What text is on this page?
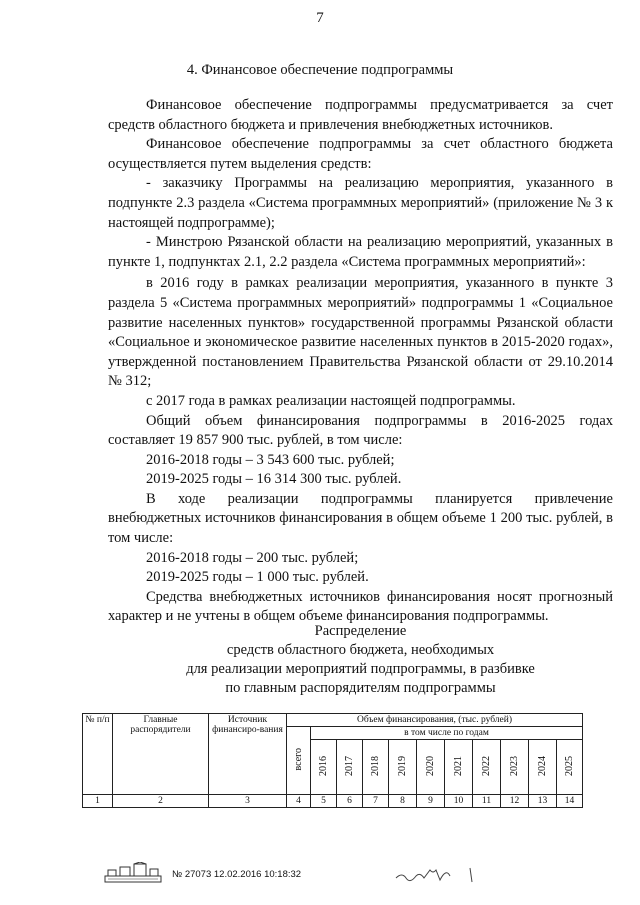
7
4. Финансовое обеспечение подпрограммы

Финансовое обеспечение подпрограммы предусматривается за счет средств областного бюджета и привлечения внебюджетных источников.

Финансовое обеспечение подпрограммы за счет областного бюджета осуществляется путем выделения средств:

- заказчику Программы на реализацию мероприятия, указанного в подпункте 2.3 раздела «Система программных мероприятий» (приложение № 3 к настоящей подпрограмме);

- Минстрою Рязанской области на реализацию мероприятий, указанных в пункте 1, подпунктах 2.1, 2.2 раздела «Система программных мероприятий»:

в 2016 году в рамках реализации мероприятия, указанного в пункте 3 раздела 5 «Система программных мероприятий» подпрограммы 1 «Социальное развитие населенных пунктов» государственной программы Рязанской области «Социальное и экономическое развитие населенных пунктов в 2015-2020 годах», утвержденной постановлением Правительства Рязанской области от 29.10.2014 № 312;

с 2017 года в рамках реализации настоящей подпрограммы.

Общий объем финансирования подпрограммы в 2016-2025 годах составляет 19 857 900 тыс. рублей, в том числе:

2016-2018 годы – 3 543 600 тыс. рублей;

2019-2025 годы – 16 314 300 тыс. рублей.

В ходе реализации подпрограммы планируется привлечение внебюджетных источников финансирования в общем объеме 1 200 тыс. рублей, в том числе:

2016-2018 годы – 200 тыс. рублей;

2019-2025 годы – 1 000 тыс. рублей.

Средства внебюджетных источников финансирования носят прогнозный характер и не учтены в общем объеме финансирования подпрограммы.

Распределение
средств областного бюджета, необходимых
для реализации мероприятий подпрограммы, в разбивке
по главным распорядителям подпрограммы
№ п/п	Главные распорядители	Источник финансиро-вания	Объем финансирования, (тыс. рублей)										
			всего	в том числе по годам									
				2016	2017	2018	2019	2020	2021	2022	2023	2024	2025
1	2	3	4	5	6	7	8	9	10	11	12	13	14
№ 27073 12.02.2016 10:18:32
